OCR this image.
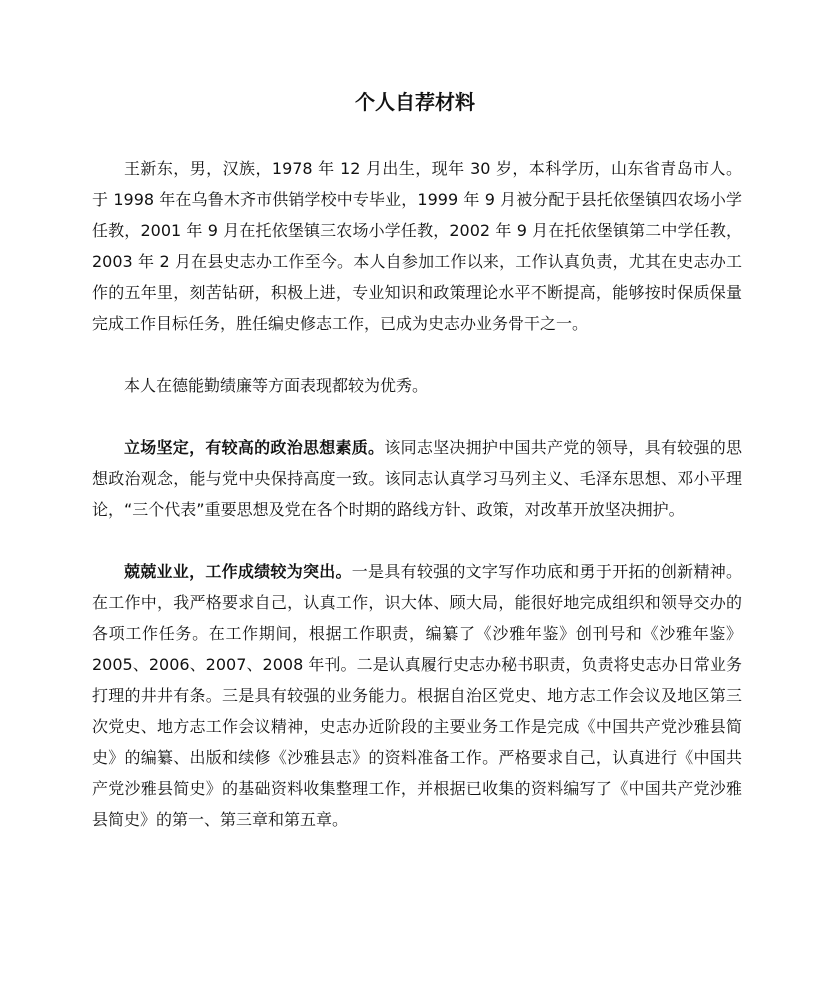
个人自荐材料

王新东，男，汉族，1978 年 12 月出生，现年 30 岁，本科学历，山东省青岛市人。于 1998 年在乌鲁木齐市供销学校中专毕业，1999 年 9 月被分配于县托依堡镇四农场小学任教，2001 年 9 月在托依堡镇三农场小学任教，2002 年 9 月在托依堡镇第二中学任教，2003 年 2 月在县史志办工作至今。本人自参加工作以来，工作认真负责，尤其在史志办工作的五年里，刻苦钻研，积极上进，专业知识和政策理论水平不断提高，能够按时保质保量完成工作目标任务，胜任编史修志工作，已成为史志办业务骨干之一。

本人在德能勤绩廉等方面表现都较为优秀。

立场坚定，有较高的政治思想素质。该同志坚决拥护中国共产党的领导，具有较强的思想政治观念，能与党中央保持高度一致。该同志认真学习马列主义、毛泽东思想、邓小平理论，“三个代表”重要思想及党在各个时期的路线方针、政策，对改革开放坚决拥护。

兢兢业业，工作成绩较为突出。一是具有较强的文字写作功底和勇于开拓的创新精神。在工作中，我严格要求自己，认真工作，识大体、顾大局，能很好地完成组织和领导交办的各项工作任务。在工作期间，根据工作职责，编纂了《沙雅年鉴》创刊号和《沙雅年鉴》2005、2006、2007、2008 年刊。二是认真履行史志办秘书职责，负责将史志办日常业务打理的井井有条。三是具有较强的业务能力。根据自治区党史、地方志工作会议及地区第三次党史、地方志工作会议精神，史志办近阶段的主要业务工作是完成《中国共产党沙雅县简史》的编纂、出版和续修《沙雅县志》的资料准备工作。严格要求自己，认真进行《中国共产党沙雅县简史》的基础资料收集整理工作，并根据已收集的资料编写了《中国共产党沙雅县简史》的第一、第三章和第五章。
